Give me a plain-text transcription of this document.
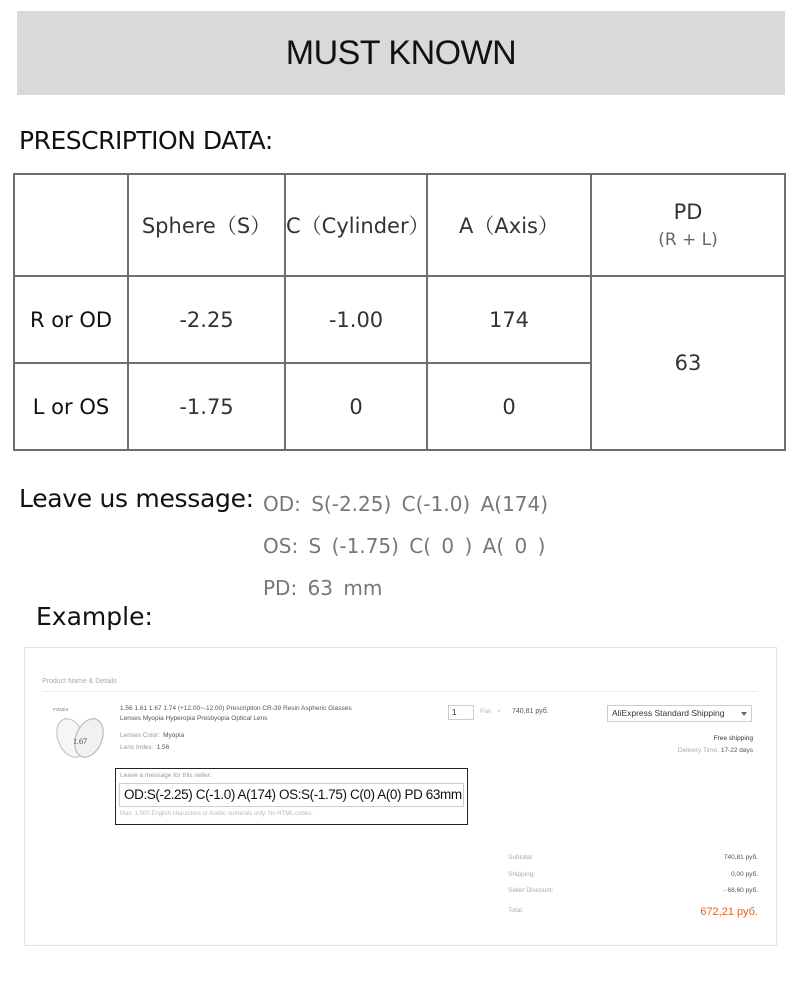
MUST KNOWN
PRESCRIPTION DATA:
	Sphere（S）	C（Cylinder）	A（Axis）	PD
(R + L)

R or OD	-2.25	-1.00	174	63
L or OS	-1.75	0	0	
Leave us message: OD: S(-2.25) C(-1.0) A(174)
OS: S (-1.75) C( 0 ) A( 0 )
PD: 63 mm
Example:
Product Name & Details
FONEX
1.67
1.56 1.61 1.67 1.74 (+12.00~-12.00) Prescription CR-39 Resin Aspheric Glasses Lenses Myopia Hyperopia Presbyopia Optical Lens
Lenses Color: Myopia
Lens Index: 1.56
1	Pair × 740,81 руб.	AliExpress Standard Shipping
Free shipping
Delivery Time: 17-22 days
Leave a message for this seller:
OD:S(-2.25) C(-1.0) A(174) OS:S(-1.75) C(0) A(0) PD 63mm
Max. 1,000 English characters or Arabic numerals only. No HTML codes.
Subtotal:	740,81 руб.
Shipping:	0,00 руб.
Seller Discount:	- 68,60 руб.
Total:	672,21 руб.
